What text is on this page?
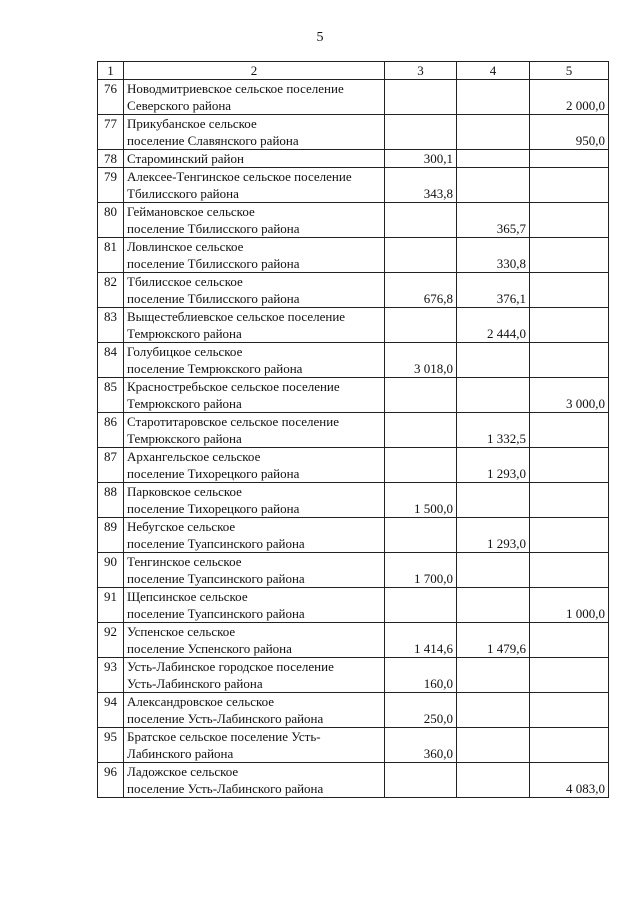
5
1	2	3	4	5
76	Новодмитриевское сельское поселение
Северского района			2 000,0
77	Прикубанское сельское
поселение Славянского района			950,0
78	Староминский район	300,1		
79	Алексее-Тенгинское сельское поселение
Тбилисского района	343,8		
80	Геймановское сельское
поселение Тбилисского района		365,7	
81	Ловлинское сельское
поселение Тбилисского района		330,8	
82	Тбилисское сельское
поселение Тбилисского района	676,8	376,1	
83	Выщестеблиевское сельское поселение
Темрюкского района		2 444,0	
84	Голубицкое сельское
поселение Темрюкского района	3 018,0		
85	Красностребьское сельское поселение
Темрюкского района			3 000,0
86	Старотитаровское сельское поселение
Темрюкского района		1 332,5	
87	Архангельское сельское
поселение Тихорецкого района		1 293,0	
88	Парковское сельское
поселение Тихорецкого района	1 500,0		
89	Небугское сельское
поселение Туапсинского района		1 293,0	
90	Тенгинское сельское
поселение Туапсинского района	1 700,0		
91	Щепсинское сельское
поселение Туапсинского района			1 000,0
92	Успенское сельское
поселение Успенского района	1 414,6	1 479,6	
93	Усть-Лабинское городское поселение
Усть-Лабинского района	160,0		
94	Александровское сельское
поселение Усть-Лабинского района	250,0		
95	Братское сельское поселение Усть-
Лабинского района	360,0		
96	Ладожское сельское
поселение Усть-Лабинского района			4 083,0
